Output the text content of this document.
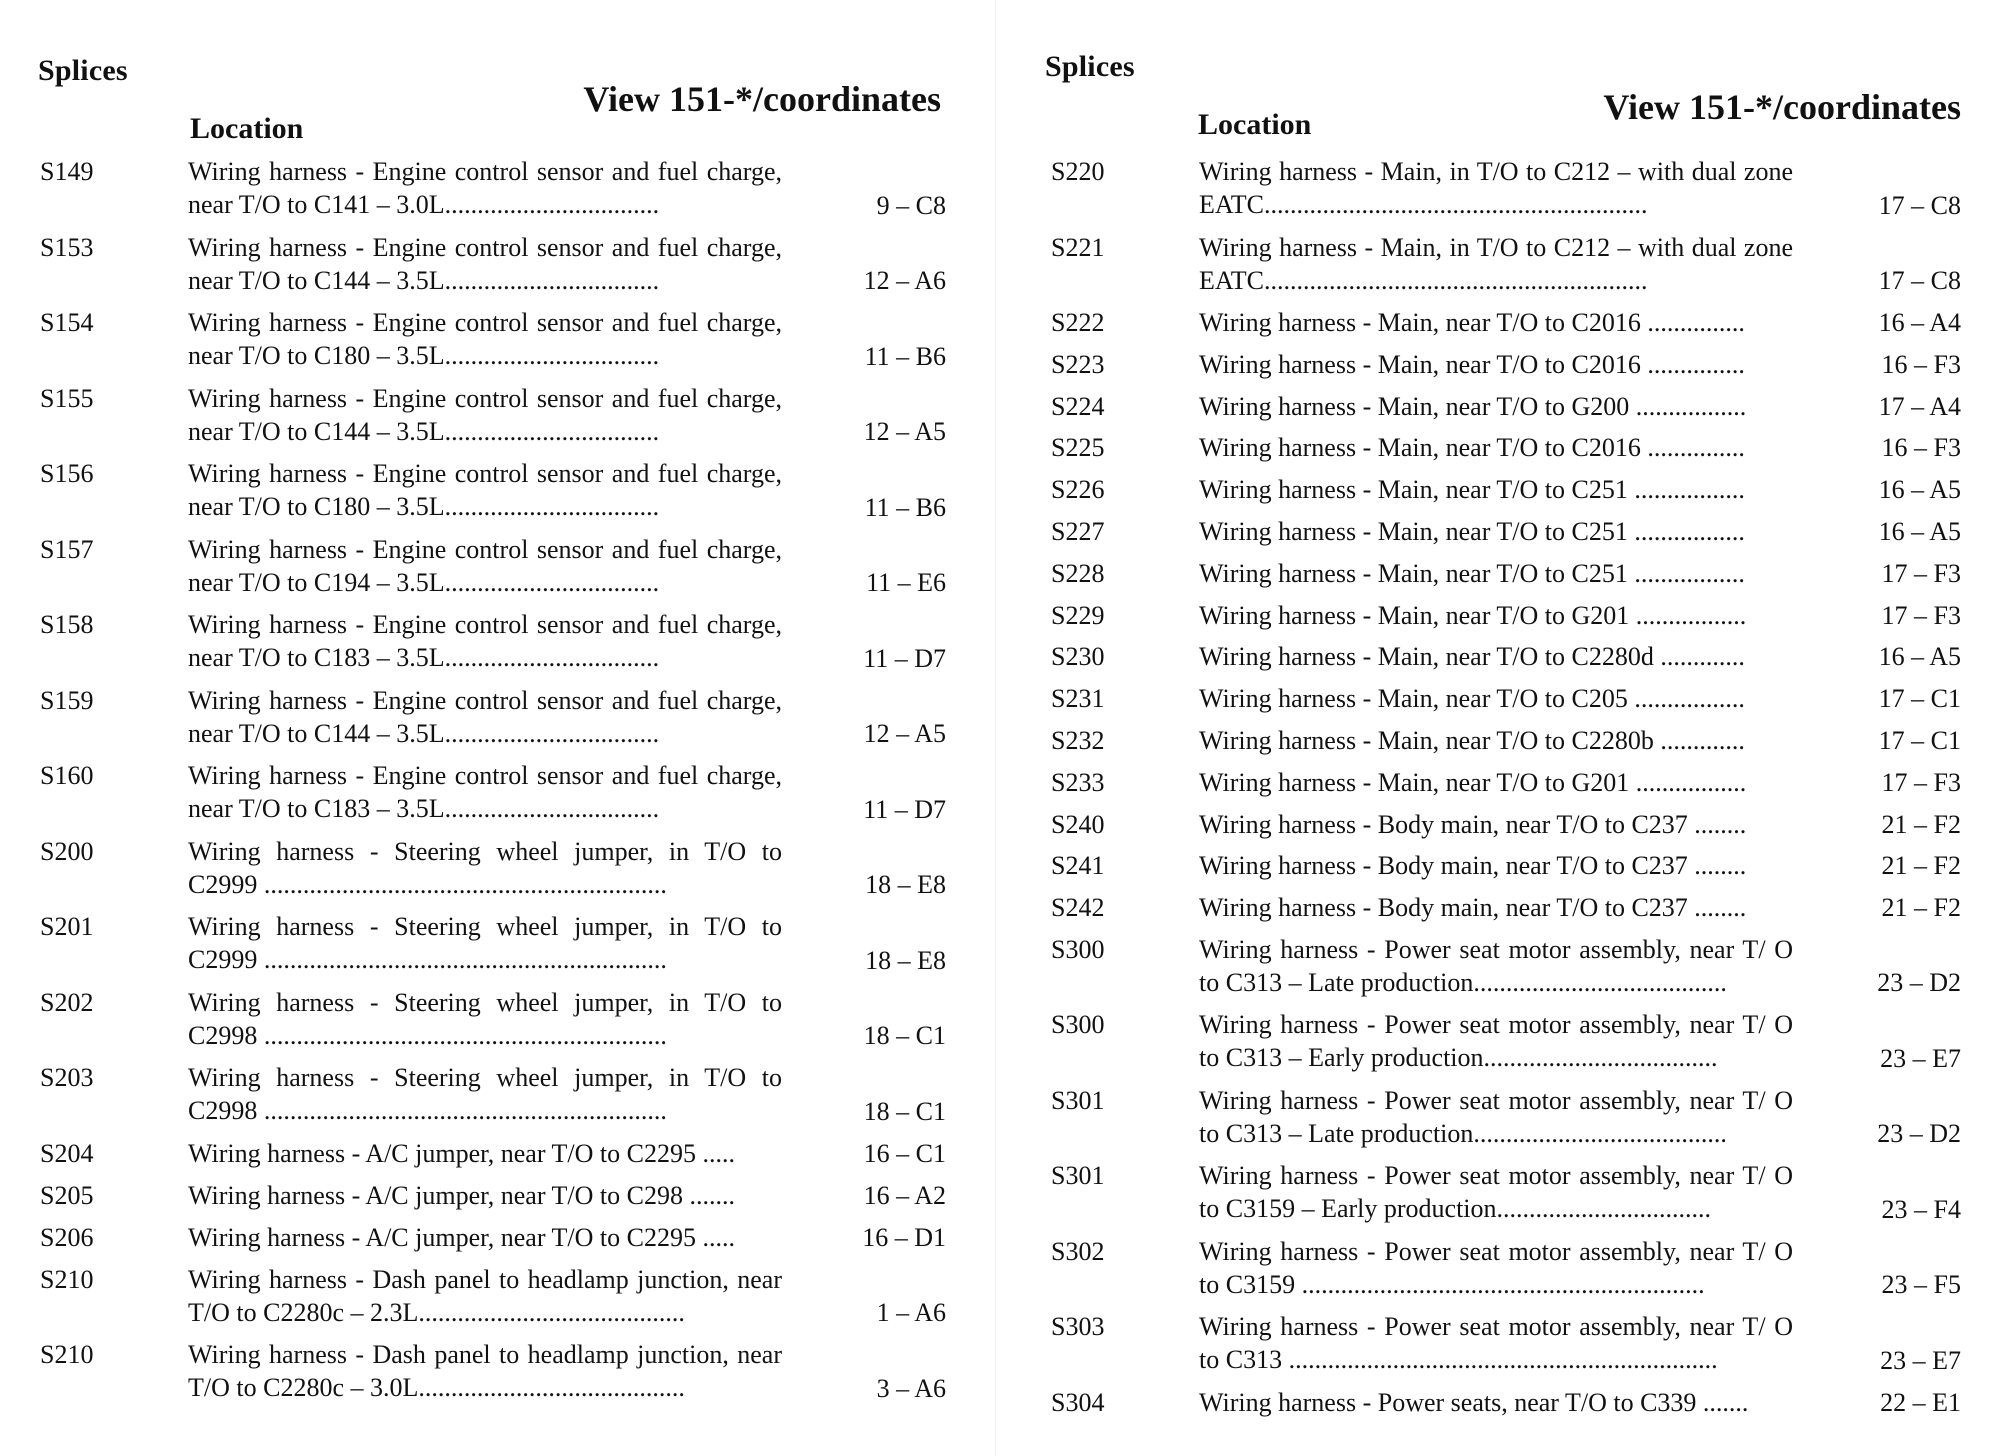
Splices
Location
View 151-*/coordinates
S149	Wiring harness - Engine control sensor and fuel charge, near T/O to C141 – 3.0L.................................	9 – C8
S153	Wiring harness - Engine control sensor and fuel charge, near T/O to C144 – 3.5L.................................	12 – A6
S154	Wiring harness - Engine control sensor and fuel charge, near T/O to C180 – 3.5L.................................	11 – B6
S155	Wiring harness - Engine control sensor and fuel charge, near T/O to C144 – 3.5L.................................	12 – A5
S156	Wiring harness - Engine control sensor and fuel charge, near T/O to C180 – 3.5L.................................	11 – B6
S157	Wiring harness - Engine control sensor and fuel charge, near T/O to C194 – 3.5L.................................	11 – E6
S158	Wiring harness - Engine control sensor and fuel charge, near T/O to C183 – 3.5L.................................	11 – D7
S159	Wiring harness - Engine control sensor and fuel charge, near T/O to C144 – 3.5L.................................	12 – A5
S160	Wiring harness - Engine control sensor and fuel charge, near T/O to C183 – 3.5L.................................	11 – D7
S200	Wiring harness - Steering wheel jumper, in T/O to C2999 ..............................................................	18 – E8
S201	Wiring harness - Steering wheel jumper, in T/O to C2999 ..............................................................	18 – E8
S202	Wiring harness - Steering wheel jumper, in T/O to C2998 ..............................................................	18 – C1
S203	Wiring harness - Steering wheel jumper, in T/O to C2998 ..............................................................	18 – C1
S204	Wiring harness - A/C jumper, near T/O to C2295 .....	16 – C1
S205	Wiring harness - A/C jumper, near T/O to C298 .......	16 – A2
S206	Wiring harness - A/C jumper, near T/O to C2295 .....	16 – D1
S210	Wiring harness - Dash panel to headlamp junction, near T/O to C2280c – 2.3L.........................................	1 – A6
S210	Wiring harness - Dash panel to headlamp junction, near T/O to C2280c – 3.0L.........................................	3 – A6
Splices
Location	View 151-*/coordinates
S220	Wiring harness - Main, in T/O to C212 – with dual zone EATC...........................................................	17 – C8
S221	Wiring harness - Main, in T/O to C212 – with dual zone EATC...........................................................	17 – C8
S222	Wiring harness - Main, near T/O to C2016 ...............	16 – A4
S223	Wiring harness - Main, near T/O to C2016 ...............	16 – F3
S224	Wiring harness - Main, near T/O to G200 .................	17 – A4
S225	Wiring harness - Main, near T/O to C2016 ...............	16 – F3
S226	Wiring harness - Main, near T/O to C251 .................	16 – A5
S227	Wiring harness - Main, near T/O to C251 .................	16 – A5
S228	Wiring harness - Main, near T/O to C251 .................	17 – F3
S229	Wiring harness - Main, near T/O to G201 .................	17 – F3
S230	Wiring harness - Main, near T/O to C2280d .............	16 – A5
S231	Wiring harness - Main, near T/O to C205 .................	17 – C1
S232	Wiring harness - Main, near T/O to C2280b .............	17 – C1
S233	Wiring harness - Main, near T/O to G201 .................	17 – F3
S240	Wiring harness - Body main, near T/O to C237 ........	21 – F2
S241	Wiring harness - Body main, near T/O to C237 ........	21 – F2
S242	Wiring harness - Body main, near T/O to C237 ........	21 – F2
S300	Wiring harness - Power seat motor assembly, near T/ O to C313 – Late production.......................................	23 – D2
S300	Wiring harness - Power seat motor assembly, near T/ O to C313 – Early production....................................	23 – E7
S301	Wiring harness - Power seat motor assembly, near T/ O to C313 – Late production.......................................	23 – D2
S301	Wiring harness - Power seat motor assembly, near T/ O to C3159 – Early production.................................	23 – F4
S302	Wiring harness - Power seat motor assembly, near T/ O to C3159 ..............................................................	23 – F5
S303	Wiring harness - Power seat motor assembly, near T/ O to C313 ..................................................................	23 – E7
S304	Wiring harness - Power seats, near T/O to C339 .......	22 – E1
